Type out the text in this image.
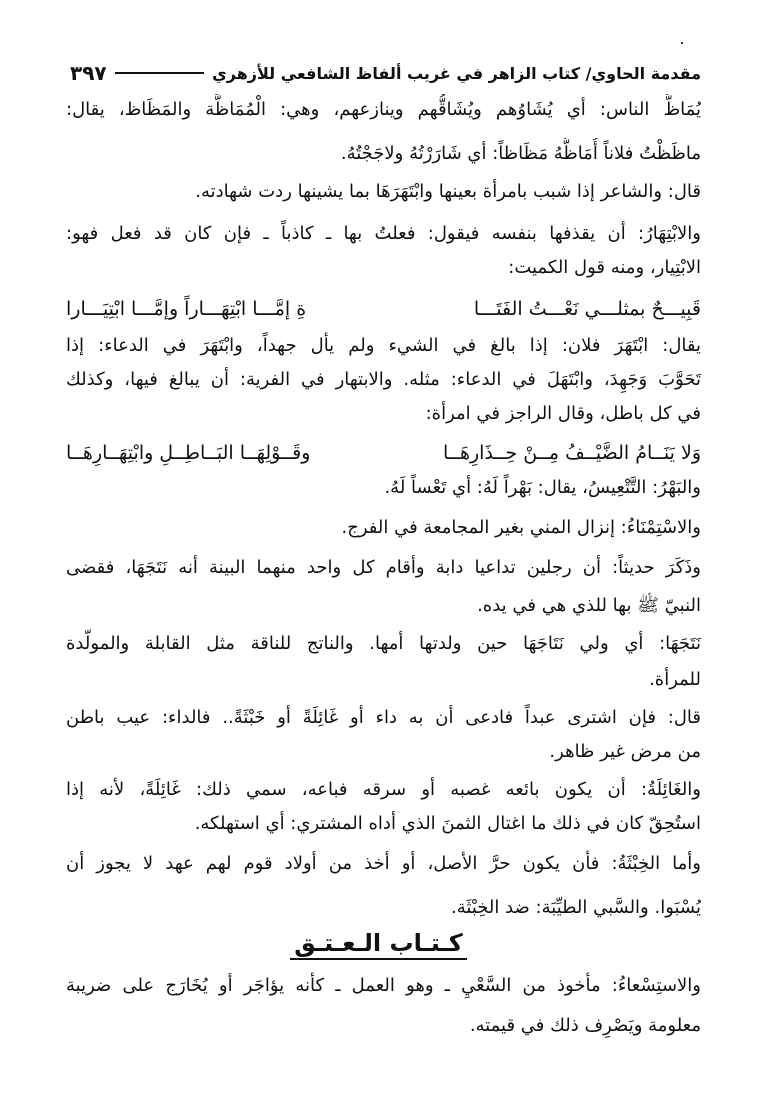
٣٩٧	مقدمة الحاوي/ كتاب الزاهر في غريب ألفاظ الشافعي للأزهري
يُمَاظُّ الناس: أي يُشَاوُهم ويُشَاقُّهم وينازعهم، وهي: الْمُمَاظَّة والمَظَاظ، يقال:
ماظَظْتُ فلاناً أُمَاظُّهُ مَظَاظاً: أي شَارَرْتُهُ ولاجَجْتُهُ.
قال: والشاعر إذا شبب بامرأة بعينها وابْتَهَرَهَا بما يشينها ردت شهادته.
والابْتِهَارُ: أن يقذفها بنفسه فيقول: فعلتُ بها ـ كاذباً ـ فإن كان قد فعل فهو:
الابْتِيار، ومنه قول الكميت:
قَبِيـــحٌ بمثلـــي نَعْـــتُ الفَتَـــا
ةِ إمَّـــا ابْتِهَـــاراً وإمَّـــا ابْتِيَـــارا
يقال: ابْتَهَرَ فلان: إذا بالغ في الشيء ولم يأل جهداً، وابْتَهَرَ في الدعاء: إذا
تَحَوَّبَ وَجَهِدَ، وابْتَهَلَ في الدعاء: مثله. والابتهار في الفرية: أن يبالغ فيها، وكذلك
في كل باطل، وقال الراجز في امرأة:
وَلا يَنَــامُ الضَّيْــفُ مِــنْ حِــذَارِهَــا
وقَــوْلِهَــا البَــاطِــلِ وابْتِهَــارِهَــا
والبَهْرُ: التَّتْعِيسُ، يقال: بَهْراً لَهُ: أي تَعْساً لَهُ.
والاسْتِمْنَاءُ: إنزال المني بغير المجامعة في الفرج.
وذَكَرَ حديثاً: أن رجلين تداعيا دابة وأقام كل واحد منهما البينة أنه نَتَجَهَا، فقضى
النبيّ ﷺ بها للذي هي في يده.
نَتَجَهَا: أي ولي نَتَاجَهَا حين ولدتها أمها. والناتج للناقة مثل القابلة والمولّدة
للمرأة.
قال: فإن اشترى عبداً فادعى أن به داء أو غَائِلَةً أو خَبْثَةً.. فالداء: عيب باطن
من مرض غير ظاهر.
والغَائِلَةُ: أن يكون بائعه غصبه أو سرقه فباعه، سمي ذلك: غَائِلَةً، لأنه إذا
استُحِقّ كان في ذلك ما اغتال الثمنَ الذي أداه المشتري: أي استهلكه.
وأما الخِبْثَةُ: فأن يكون حرَّ الأصل، أو أخذ من أولاد قوم لهم عهد لا يجوز أن
يُسْبَوا. والسَّبي الطيِّبَة: ضد الخِبْثَة.
كـتـاب الـعـتـق
والاستِسْعاءُ: مأخوذ من السَّعْيِ ـ وهو العمل ـ كأنه يؤاجَر أو يُخَارَج على ضريبة
معلومة ويَصْرِف ذلك في قيمته.
